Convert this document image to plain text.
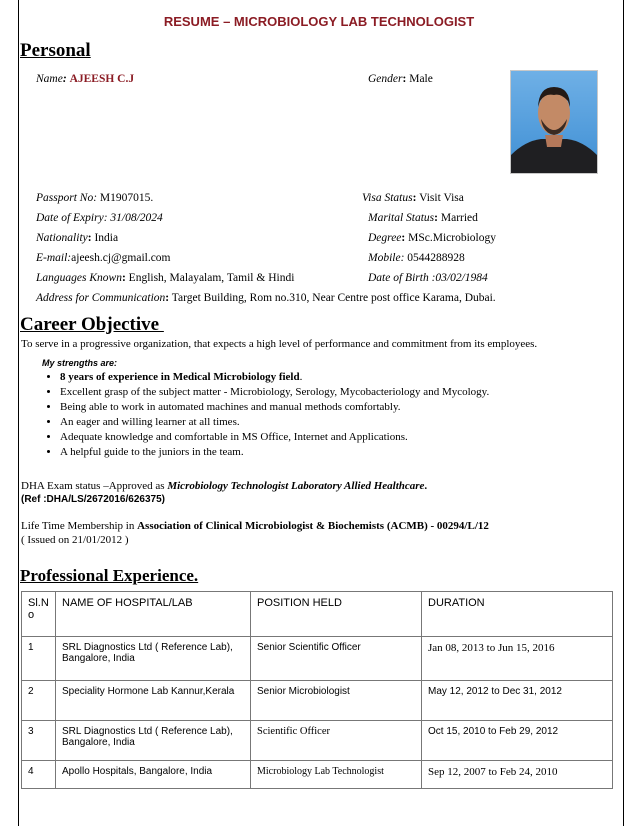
RESUME – MICROBIOLOGY LAB TECHNOLOGIST
Personal
Name: AJEESH C.J	Gender: Male
Passport No: M1907015.	Visa Status: Visit Visa
Date of Expiry: 31/08/2024	Marital Status: Married
Nationality: India	Degree: MSc.Microbiology
E-mail:ajeesh.cj@gmail.com	Mobile: 0544288928
Languages Known: English, Malayalam, Tamil & Hindi	Date of Birth :03/02/1984
Address for Communication: Target Building, Rom no.310, Near Centre post office Karama, Dubai.
Career Objective
To serve in a progressive organization, that expects a high level of performance and commitment from its employees.
My strengths are:
• 8 years of experience in Medical Microbiology field.
• Excellent grasp of the subject matter - Microbiology, Serology, Mycobacteriology and Mycology.
• Being able to work in automated machines and manual methods comfortably.
• An eager and willing learner at all times.
• Adequate knowledge and comfortable in MS Office, Internet and Applications.
• A helpful guide to the juniors in the team.
DHA Exam status –Approved as Microbiology Technologist Laboratory Allied Healthcare.
(Ref :DHA/LS/2672016/626375)
Life Time Membership in Association of Clinical Microbiologist & Biochemists (ACMB) - 00294/L/12
( Issued on 21/01/2012 )
Professional Experience.
Sl.No	NAME OF HOSPITAL/LAB	POSITION HELD	DURATION
1	SRL Diagnostics Ltd ( Reference Lab), Bangalore, India	Senior Scientific Officer	Jan 08, 2013 to Jun 15, 2016
2	Speciality Hormone Lab Kannur,Kerala	Senior Microbiologist	May 12, 2012 to Dec 31, 2012
3	SRL Diagnostics Ltd ( Reference Lab), Bangalore, India	Scientific Officer	Oct 15, 2010 to Feb 29, 2012
4	Apollo Hospitals, Bangalore, India	Microbiology Lab Technologist	Sep 12, 2007 to Feb 24, 2010
